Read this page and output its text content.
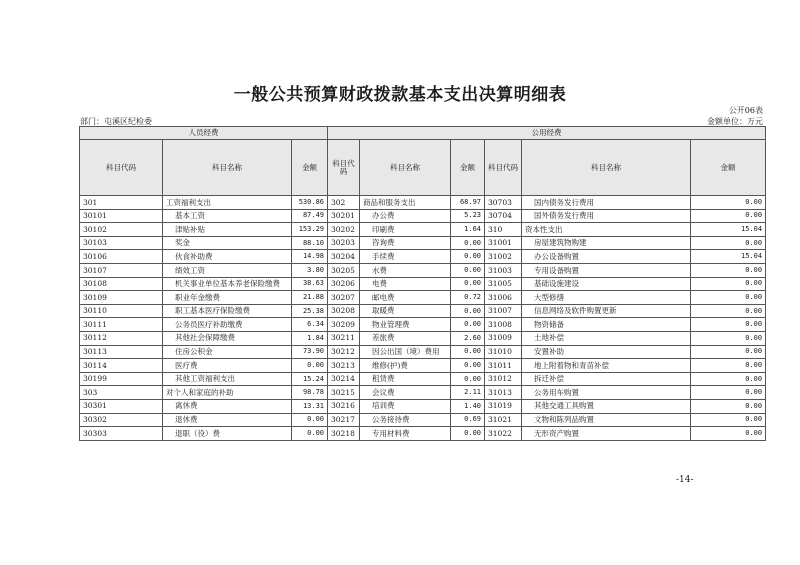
一般公共预算财政拨款基本支出决算明细表
公开06表
部门：屯溪区纪检委	金额单位：万元
人员经费			公用经费					
科目代码	科目名称	金额	科目代码	科目名称	金额	科目代码	科目名称	金额
301	工资福利支出	530.86	302	商品和服务支出	68.97	30703	国内债务发行费用	0.00
30101	基本工资	87.49	30201	办公费	5.23	30704	国外债务发行费用	0.00
30102	津贴补贴	153.29	30202	印刷费	1.64	310	资本性支出	15.04
30103	奖金	88.10	30203	咨询费	0.00	31001	房屋建筑物购建	0.00
30106	伙食补助费	14.98	30204	手续费	0.00	31002	办公设备购置	15.04
30107	绩效工资	3.80	30205	水费	0.00	31003	专用设备购置	0.00
30108	机关事业单位基本养老保险缴费	38.63	30206	电费	0.00	31005	基础设施建设	0.00
30109	职业年金缴费	21.88	30207	邮电费	0.72	31006	大型修缮	0.00
30110	职工基本医疗保险缴费	25.38	30208	取暖费	0.00	31007	信息网络及软件购置更新	0.00
30111	公务员医疗补助缴费	6.34	30209	物业管理费	0.00	31008	物资储备	0.00
30112	其他社会保障缴费	1.84	30211	差旅费	2.60	31009	土地补偿	0.00
30113	住房公积金	73.90	30212	因公出国（境）费用	0.00	31010	安置补助	0.00
30114	医疗费	0.00	30213	维修(护)费	0.00	31011	地上附着物和青苗补偿	0.00
30199	其他工资福利支出	15.24	30214	租赁费	0.00	31012	拆迁补偿	0.00
303	对个人和家庭的补助	98.78	30215	会议费	2.11	31013	公务用车购置	0.00
30301	离休费	13.31	30216	培训费	1.40	31019	其他交通工具购置	0.00
30302	退休费	0.00	30217	公务接待费	0.69	31021	文物和陈列品购置	0.00
30303	退职（役）费	0.00	30218	专用材料费	0.00	31022	无形资产购置	0.00
-14-
